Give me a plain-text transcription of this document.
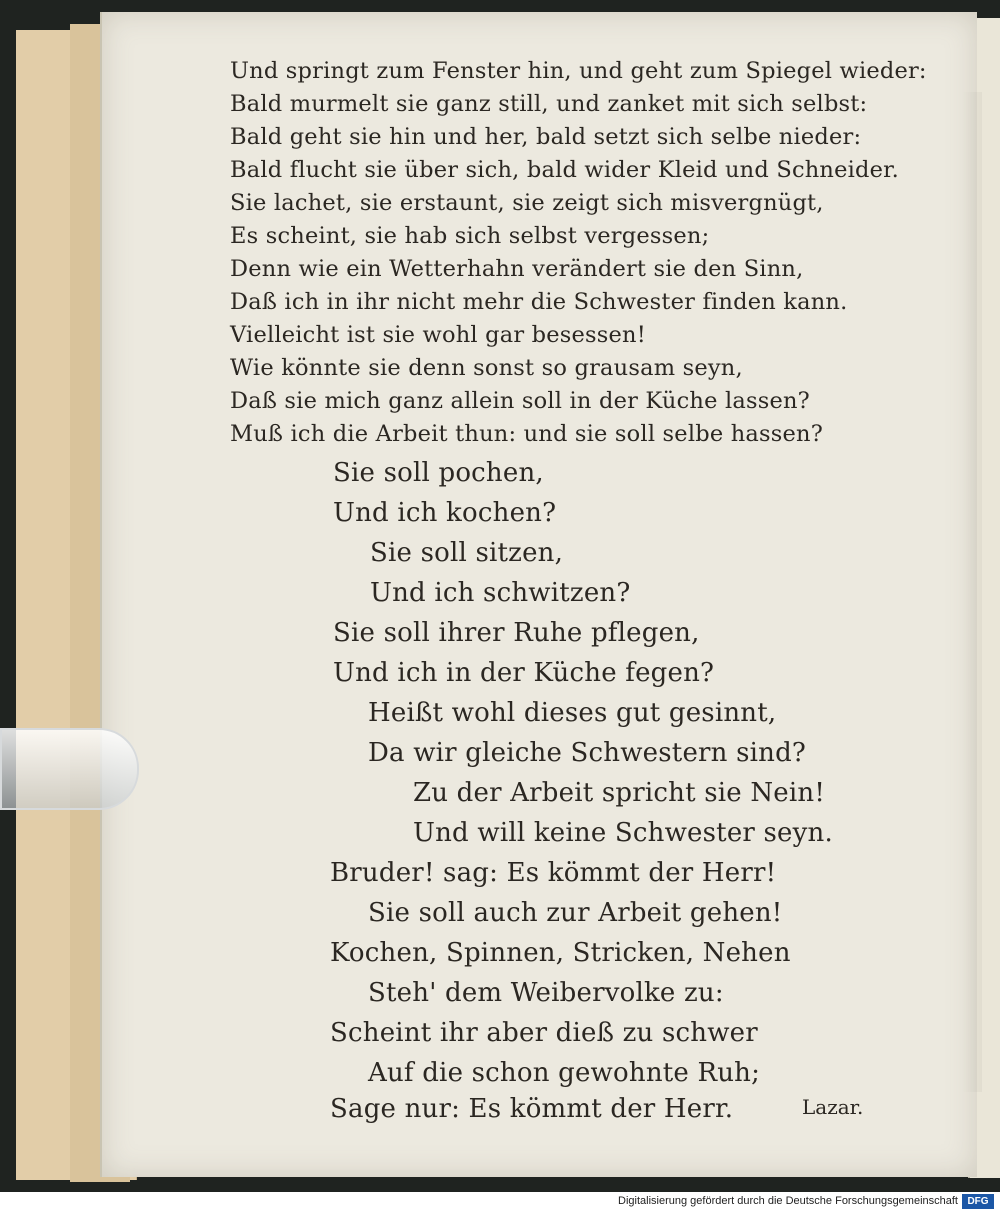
Und springt zum Fenster hin, und geht zum Spiegel wieder:

Bald murmelt sie ganz still, und zanket mit sich selbst:

Bald geht sie hin und her, bald setzt sich selbe nieder:

Bald flucht sie über sich, bald wider Kleid und Schneider.

Sie lachet, sie erstaunt, sie zeigt sich misvergnügt,

Es scheint, sie hab sich selbst vergessen;

Denn wie ein Wetterhahn verändert sie den Sinn,

Daß ich in ihr nicht mehr die Schwester finden kann.

Vielleicht ist sie wohl gar besessen!

Wie könnte sie denn sonst so grausam seyn,

Daß sie mich ganz allein soll in der Küche lassen?

Muß ich die Arbeit thun: und sie soll selbe hassen?

Sie soll pochen,

Und ich kochen?

Sie soll sitzen,

Und ich schwitzen?

Sie soll ihrer Ruhe pflegen,

Und ich in der Küche fegen?

Heißt wohl dieses gut gesinnt,

Da wir gleiche Schwestern sind?

Zu der Arbeit spricht sie Nein!

Und will keine Schwester seyn.

Bruder! sag: Es kömmt der Herr!

Sie soll auch zur Arbeit gehen!

Kochen, Spinnen, Stricken, Nehen

Steh' dem Weibervolke zu:

Scheint ihr aber dieß zu schwer

Auf die schon gewohnte Ruh;

Sage nur: Es kömmt der Herr.	Lazar.
Digitalisierung gefördert durch die Deutsche Forschungsgemeinschaft DFG
